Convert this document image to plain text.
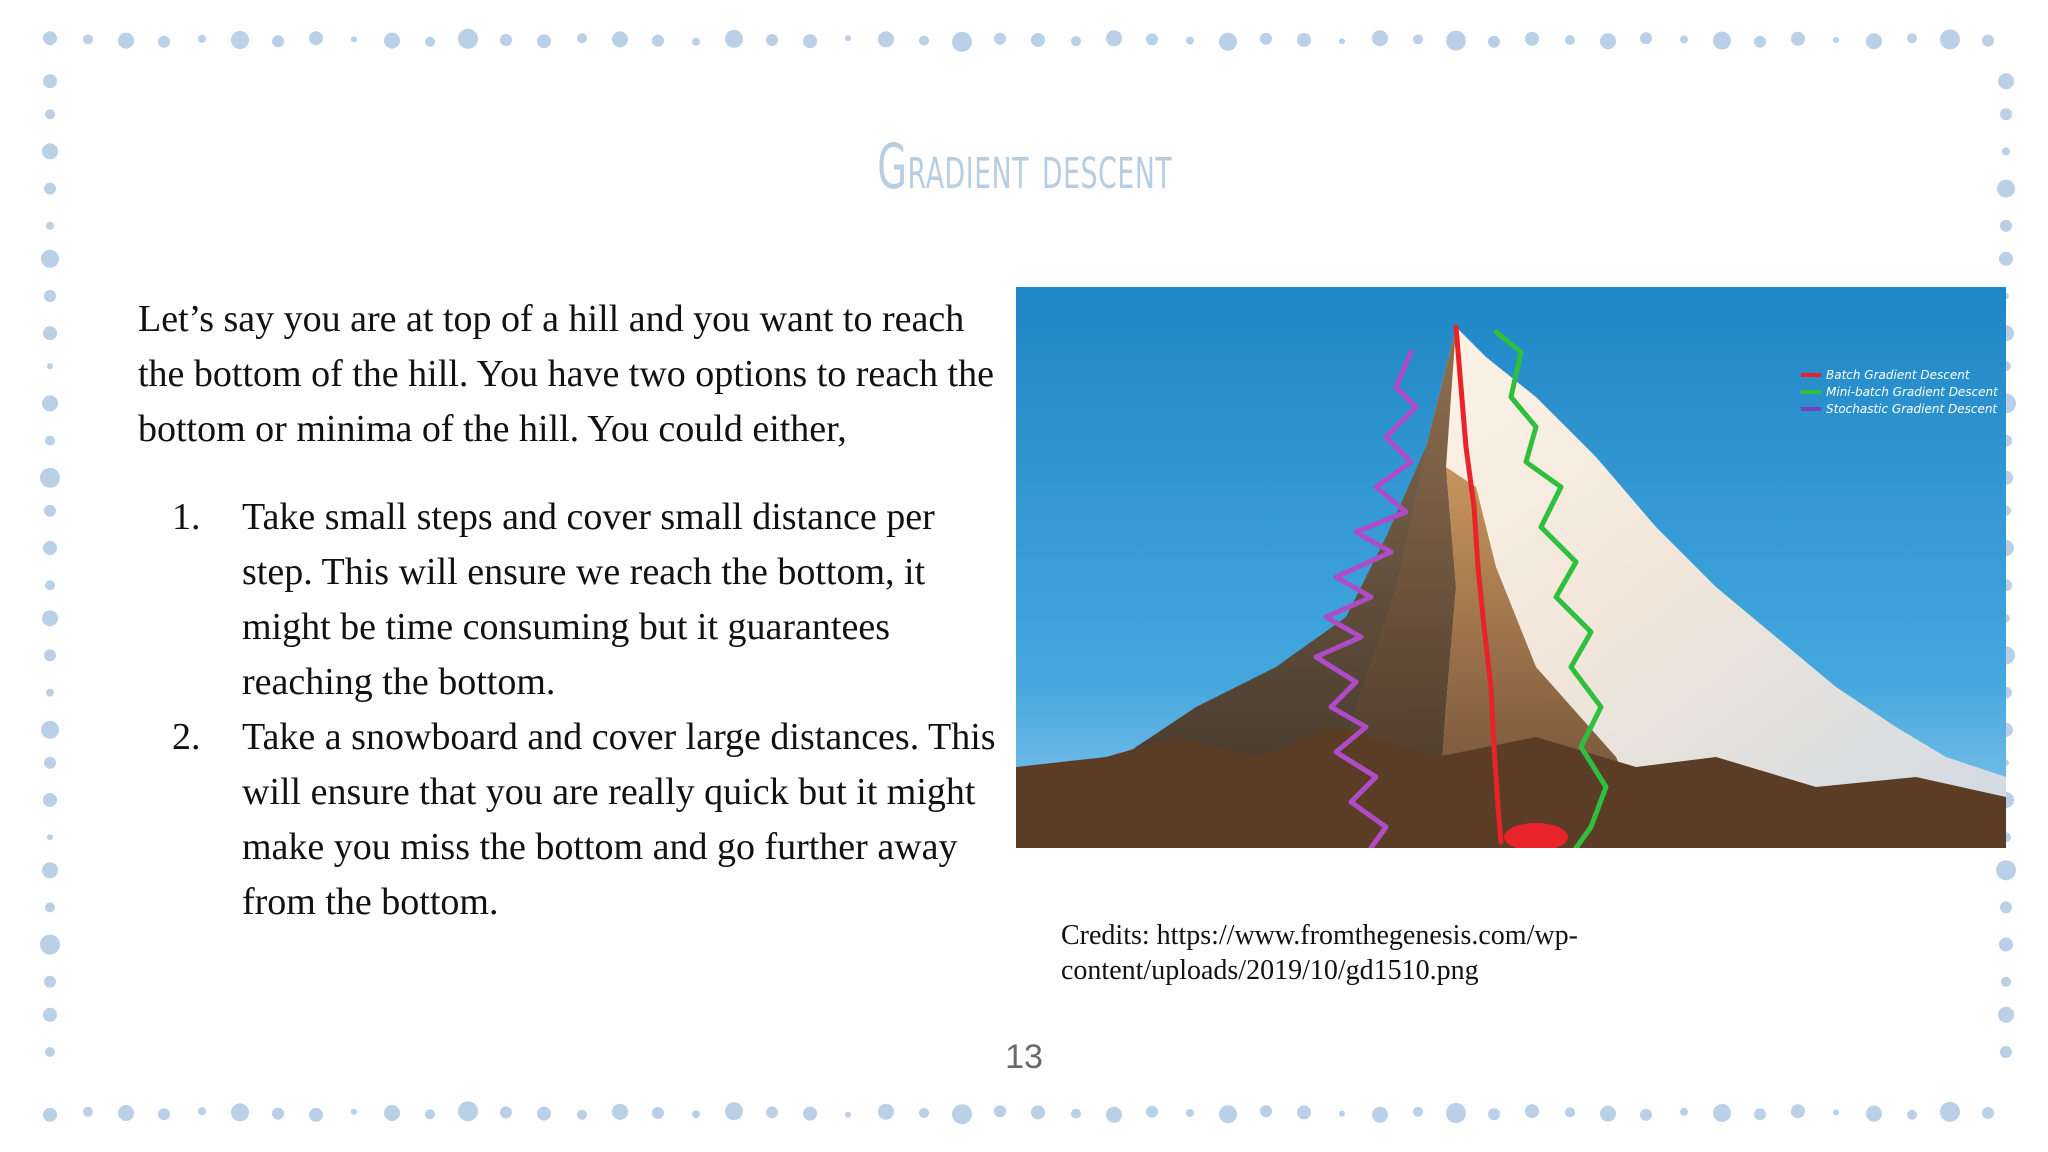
Gradient descent

Let’s say you are at top of a hill and you want to reach the bottom of the hill. You have two options to reach the bottom or minima of the hill. You could either,

1. Take small steps and cover small distance per step. This will ensure we reach the bottom, it might be time consuming but it guarantees reaching the bottom.
2. Take a snowboard and cover large distances. This will ensure that you are really quick but it might make you miss the bottom and go further away from the bottom.
Batch Gradient Descent
Mini-batch Gradient Descent
Stochastic Gradient Descent
Credits: https://www.fromthegenesis.com/wp-
content/uploads/2019/10/gd1510.png
13
